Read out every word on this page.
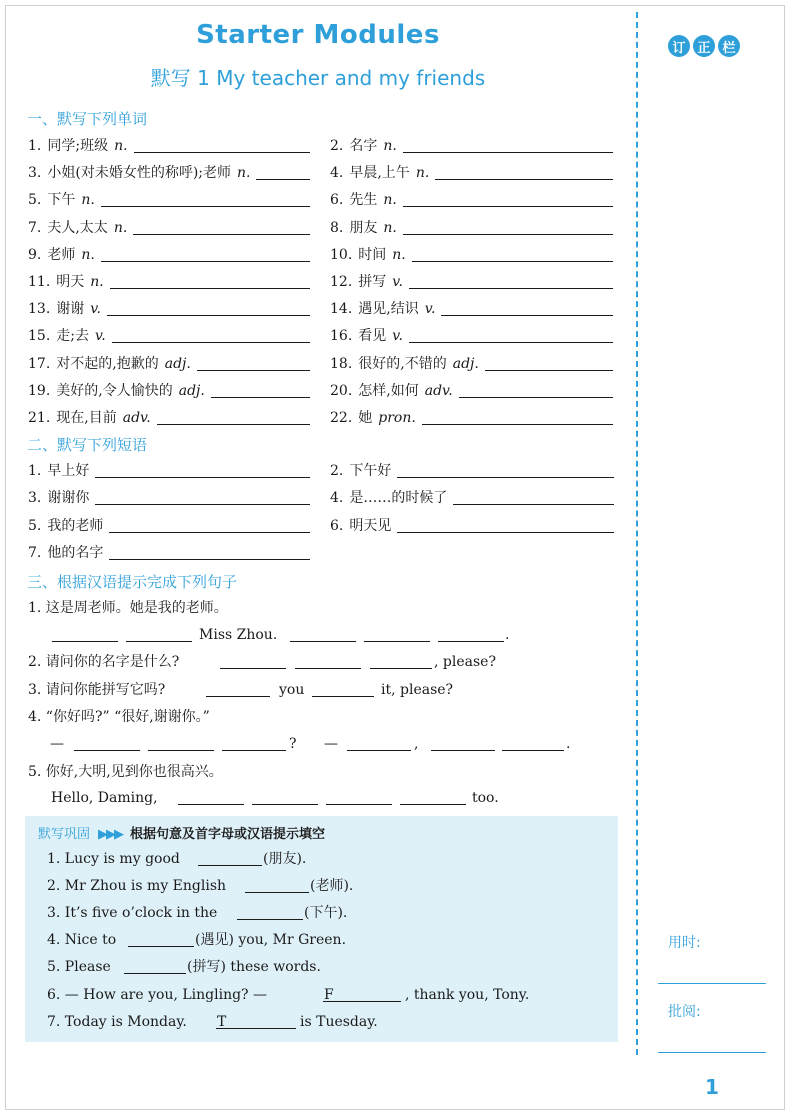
Starter Modules
默写 1 My teacher and my friends
订 正 栏
一、默写下列单词
1. 同学;班级 n.	2. 名字 n.
3. 小姐(对未婚女性的称呼);老师 n.	4. 早晨,上午 n.
5. 下午 n.	6. 先生 n.
7. 夫人,太太 n.	8. 朋友 n.
9. 老师 n.	10. 时间 n.
11. 明天 n.	12. 拼写 v.
13. 谢谢 v.	14. 遇见,结识 v.
15. 走;去 v.	16. 看见 v.
17. 对不起的,抱歉的 adj.	18. 很好的,不错的 adj.
19. 美好的,令人愉快的 adj.	20. 怎样,如何 adv.
21. 现在,目前 adv.	22. 她 pron.
二、默写下列短语
1. 早上好	2. 下午好
3. 谢谢你	4. 是……的时候了
5. 我的老师	6. 明天见
7. 他的名字
三、根据汉语提示完成下列句子
1. 这是周老师。她是我的老师。
Miss Zhou.	.
2. 请问你的名字是什么?	, please?
3. 请问你能拼写它吗?	you	it, please?
4. “你好吗?” “很好,谢谢你。”
—	? —	,	.
5. 你好,大明,见到你也很高兴。
Hello, Daming,	too.
默写巩固 ▶▶▶ 根据句意及首字母或汉语提示填空
1. Lucy is my good	(朋友).
2. Mr Zhou is my English	(老师).
3. It’s five o’clock in the	(下午).
4. Nice to	(遇见) you, Mr Green.
5. Please	(拼写) these words.
6. — How are you, Lingling? —	F	, thank you, Tony.
7. Today is Monday. T	is Tuesday.
用时:
批阅:
1
